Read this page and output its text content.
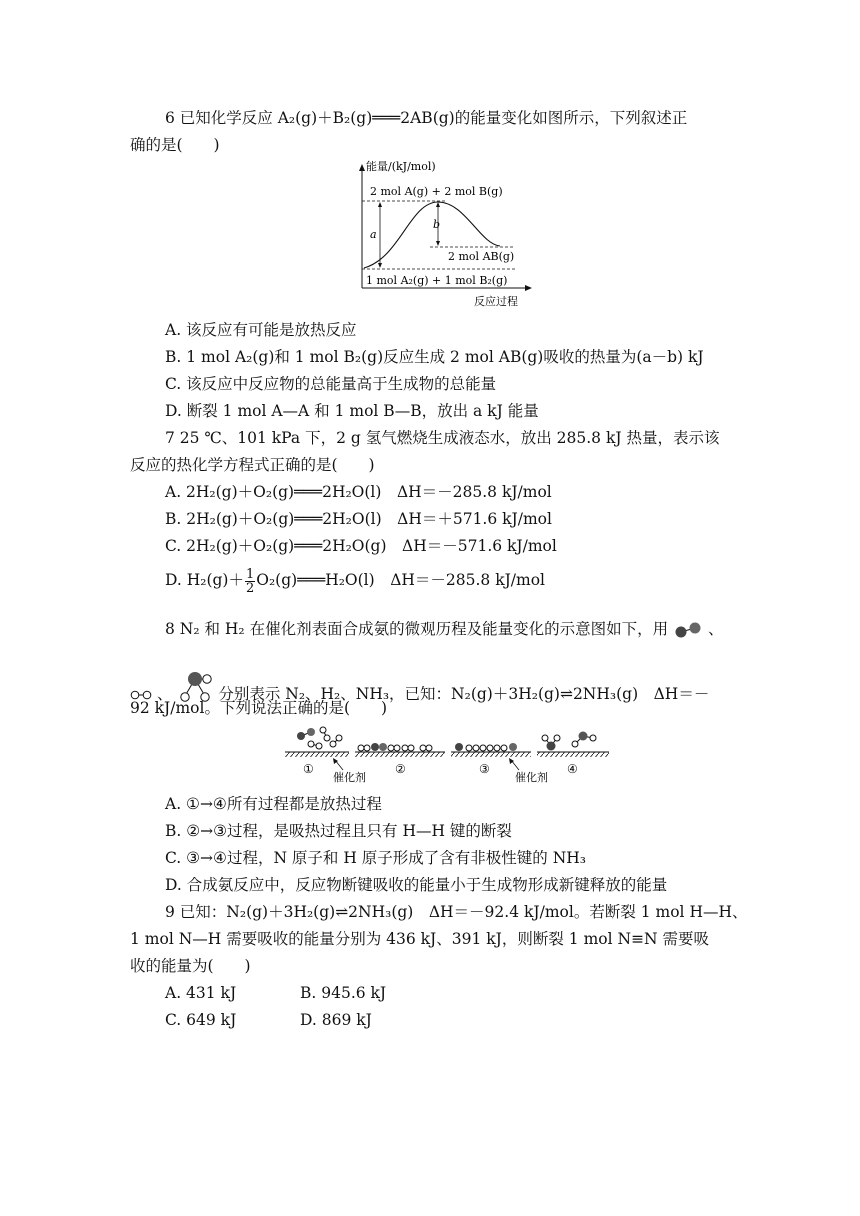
6 已知化学反应 A₂(g)＋B₂(g)═══2AB(g)的能量变化如图所示，下列叙述正
确的是(　　)
能量/(kJ/mol)
反应过程
a
b
2 mol A(g) + 2 mol B(g)
2 mol AB(g)
1 mol A₂(g) + 1 mol B₂(g)
A. 该反应有可能是放热反应
B. 1 mol A₂(g)和 1 mol B₂(g)反应生成 2 mol AB(g)吸收的热量为(a－b) kJ
C. 该反应中反应物的总能量高于生成物的总能量
D. 断裂 1 mol A—A 和 1 mol B—B，放出 a kJ 能量
7 25 ℃、101 kPa 下，2 g 氢气燃烧生成液态水，放出 285.8 kJ 热量，表示该
反应的热化学方程式正确的是(　　)
A. 2H₂(g)＋O₂(g)═══2H₂O(l)　ΔH＝－285.8 kJ/mol
B. 2H₂(g)＋O₂(g)═══2H₂O(l)　ΔH＝＋571.6 kJ/mol
C. 2H₂(g)＋O₂(g)═══2H₂O(g)　ΔH＝－571.6 kJ/mol
D. $H_2(g)+ \frac{1}{2}$ O₂(g)═══H₂O(l)　ΔH＝－285.8 kJ/mol
8 N₂ 和 H₂ 在催化剂表面合成氨的微观历程及能量变化的示意图如下，用	、
、	分别表示 N₂、H₂、NH₃，已知：N₂(g)＋3H₂(g)⇌2NH₃(g)　ΔH＝－
92 kJ/mol。下列说法正确的是(　　)
①
催化剂
②	③
催化剂
④
A. ①→④所有过程都是放热过程
B. ②→③过程，是吸热过程且只有 H—H 键的断裂
C. ③→④过程，N 原子和 H 原子形成了含有非极性键的 NH₃
D. 合成氨反应中，反应物断键吸收的能量小于生成物形成新键释放的能量
9 已知：N₂(g)＋3H₂(g)⇌2NH₃(g)　ΔH＝－92.4 kJ/mol。若断裂 1 mol H—H、
1 mol N—H 需要吸收的能量分别为 436 kJ、391 kJ，则断裂 1 mol N≡N 需要吸
收的能量为(　　)
A. 431 kJ	B. 945.6 kJ
C. 649 kJ	D. 869 kJ
